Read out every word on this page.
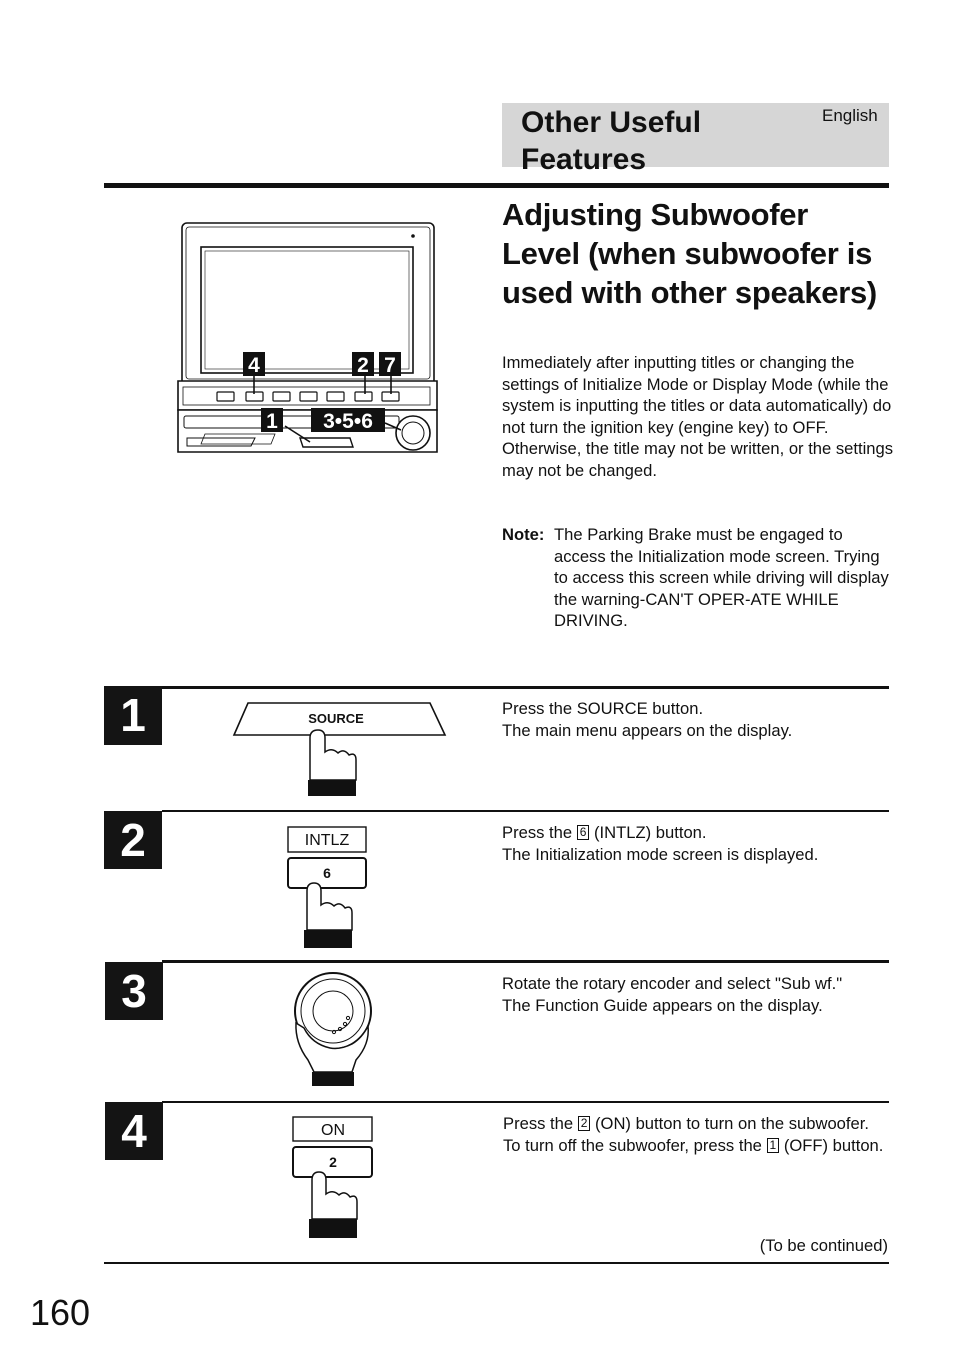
Other Useful Features
English
4	2 7
1 3•5•6
Adjusting Subwoofer Level (when subwoofer is used with other speakers)
Immediately after inputting titles or changing the settings of Initialize Mode or Display Mode (while the system is inputting the titles or data automatically) do not turn the ignition key (engine key) to OFF.
Otherwise, the title may not be written, or the settings may not be changed.
Note: The Parking Brake must be engaged to access the Initialization mode screen. Trying to access this screen while driving will display the warning-CAN'T OPER-ATE WHILE DRIVING.
1	SOURCE
Press the SOURCE button.
The main menu appears on the display.
2	INTLZ
6
Press the 6 (INTLZ) button.
The Initialization mode screen is displayed.
3	Rotate the rotary encoder and select "Sub wf."
The Function Guide appears on the display.
4	ON
2
Press the 2 (ON) button to turn on the subwoofer.
To turn off the subwoofer, press the 1 (OFF) button.
(To be continued)
160
